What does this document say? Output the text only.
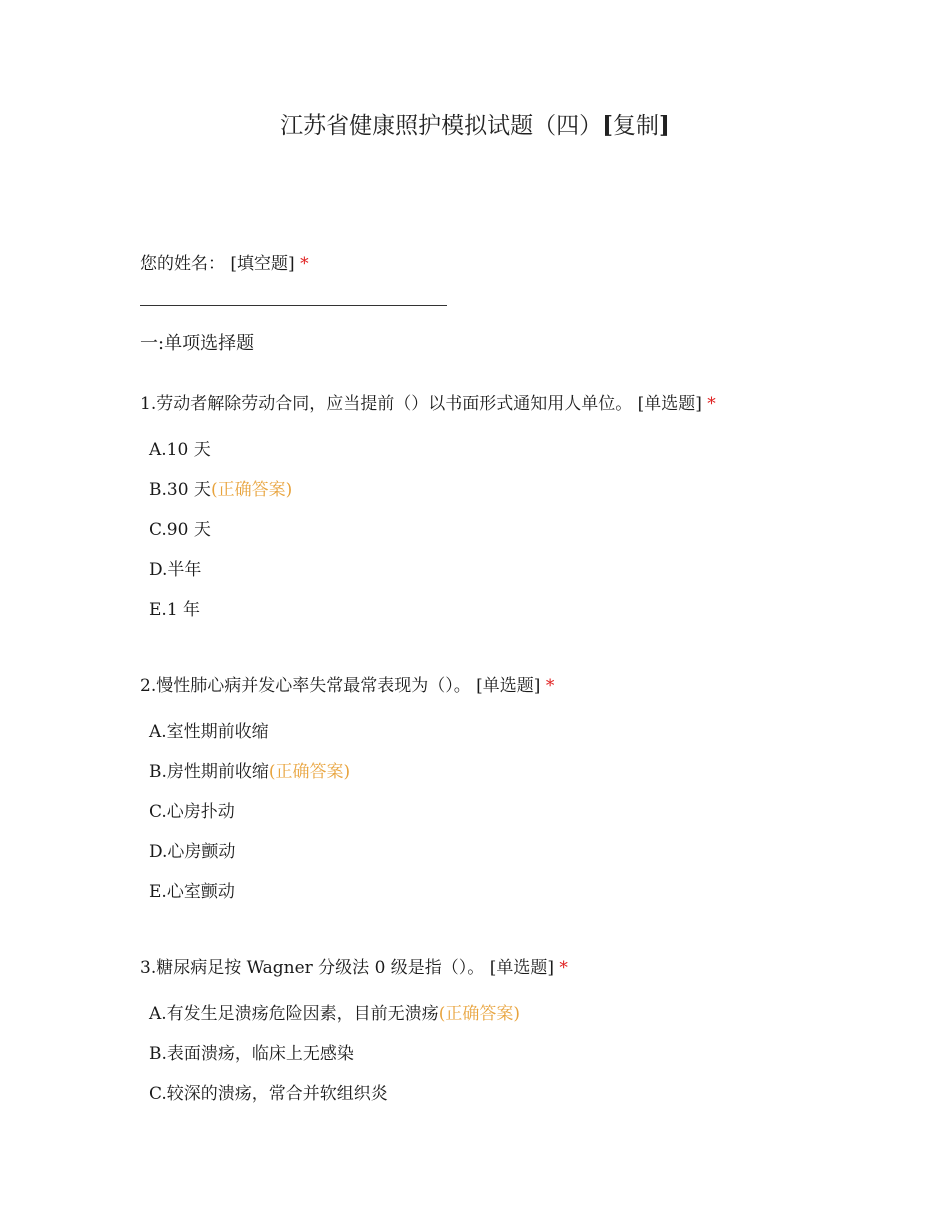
江苏省健康照护模拟试题（四）[复制]
您的姓名： [填空题] *
一:单项选择题

1.劳动者解除劳动合同，应当提前（）以书面形式通知用人单位。 [单选题] *

A.10 天
B.30 天(正确答案)
C.90 天
D.半年
E.1 年

2.慢性肺心病并发心率失常最常表现为（）。 [单选题] *

A.室性期前收缩
B.房性期前收缩(正确答案)
C.心房扑动
D.心房颤动
E.心室颤动

3.糖尿病足按 Wagner 分级法 0 级是指（）。 [单选题] *

A.有发生足溃疡危险因素，目前无溃疡(正确答案)
B.表面溃疡，临床上无感染
C.较深的溃疡，常合并软组织炎
